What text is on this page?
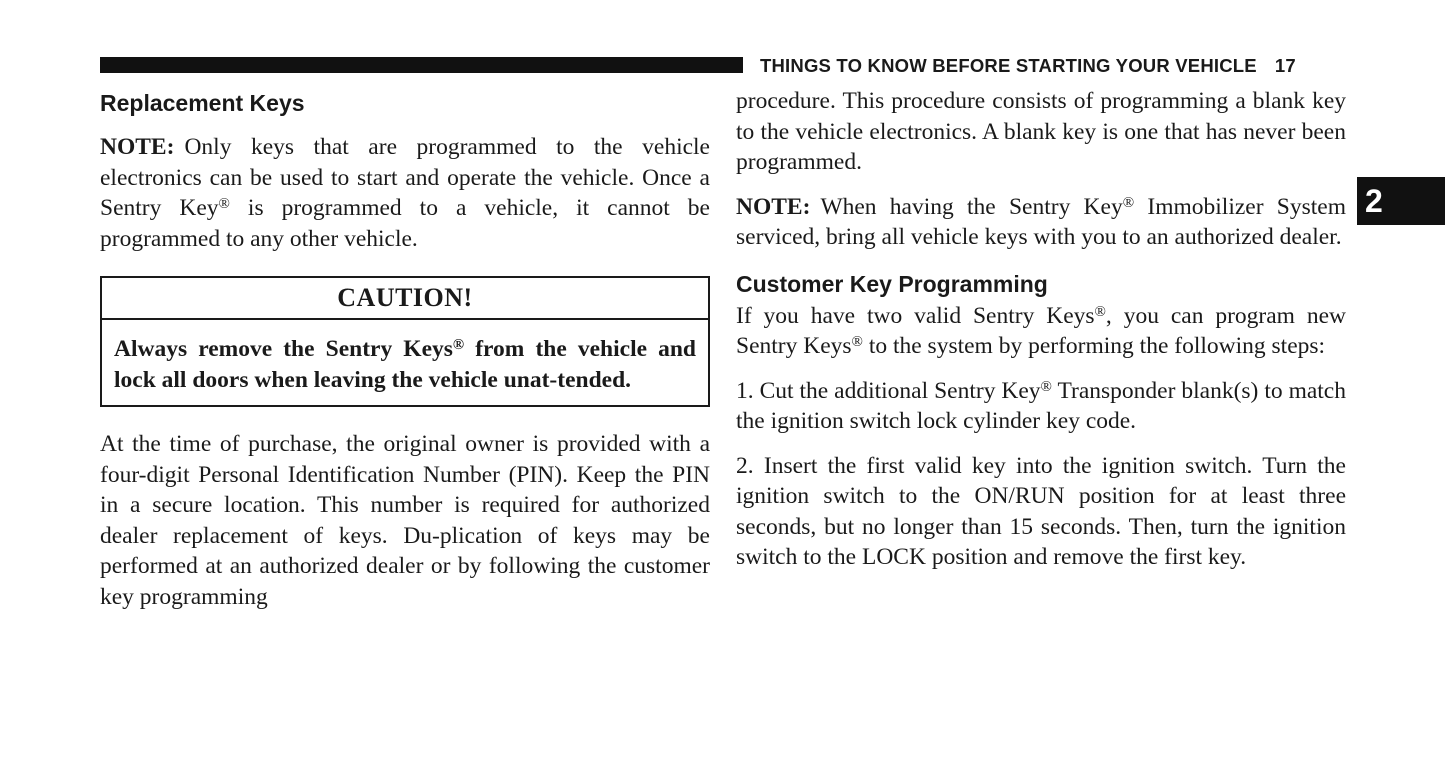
THINGS TO KNOW BEFORE STARTING YOUR VEHICLE 17
2
Replacement Keys

NOTE: Only keys that are programmed to the vehicle electronics can be used to start and operate the vehicle. Once a Sentry Key® is programmed to a vehicle, it cannot be programmed to any other vehicle.

CAUTION!
Always remove the Sentry Keys® from the vehicle and lock all doors when leaving the vehicle unat-tended.

At the time of purchase, the original owner is provided with a four-digit Personal Identification Number (PIN). Keep the PIN in a secure location. This number is required for authorized dealer replacement of keys. Du-plication of keys may be performed at an authorized dealer or by following the customer key programming

procedure. This procedure consists of programming a blank key to the vehicle electronics. A blank key is one that has never been programmed.

NOTE: When having the Sentry Key® Immobilizer System serviced, bring all vehicle keys with you to an authorized dealer.

Customer Key Programming

If you have two valid Sentry Keys®, you can program new Sentry Keys® to the system by performing the following steps:

1. Cut the additional Sentry Key® Transponder blank(s) to match the ignition switch lock cylinder key code.

2. Insert the first valid key into the ignition switch. Turn the ignition switch to the ON/RUN position for at least three seconds, but no longer than 15 seconds. Then, turn the ignition switch to the LOCK position and remove the first key.
